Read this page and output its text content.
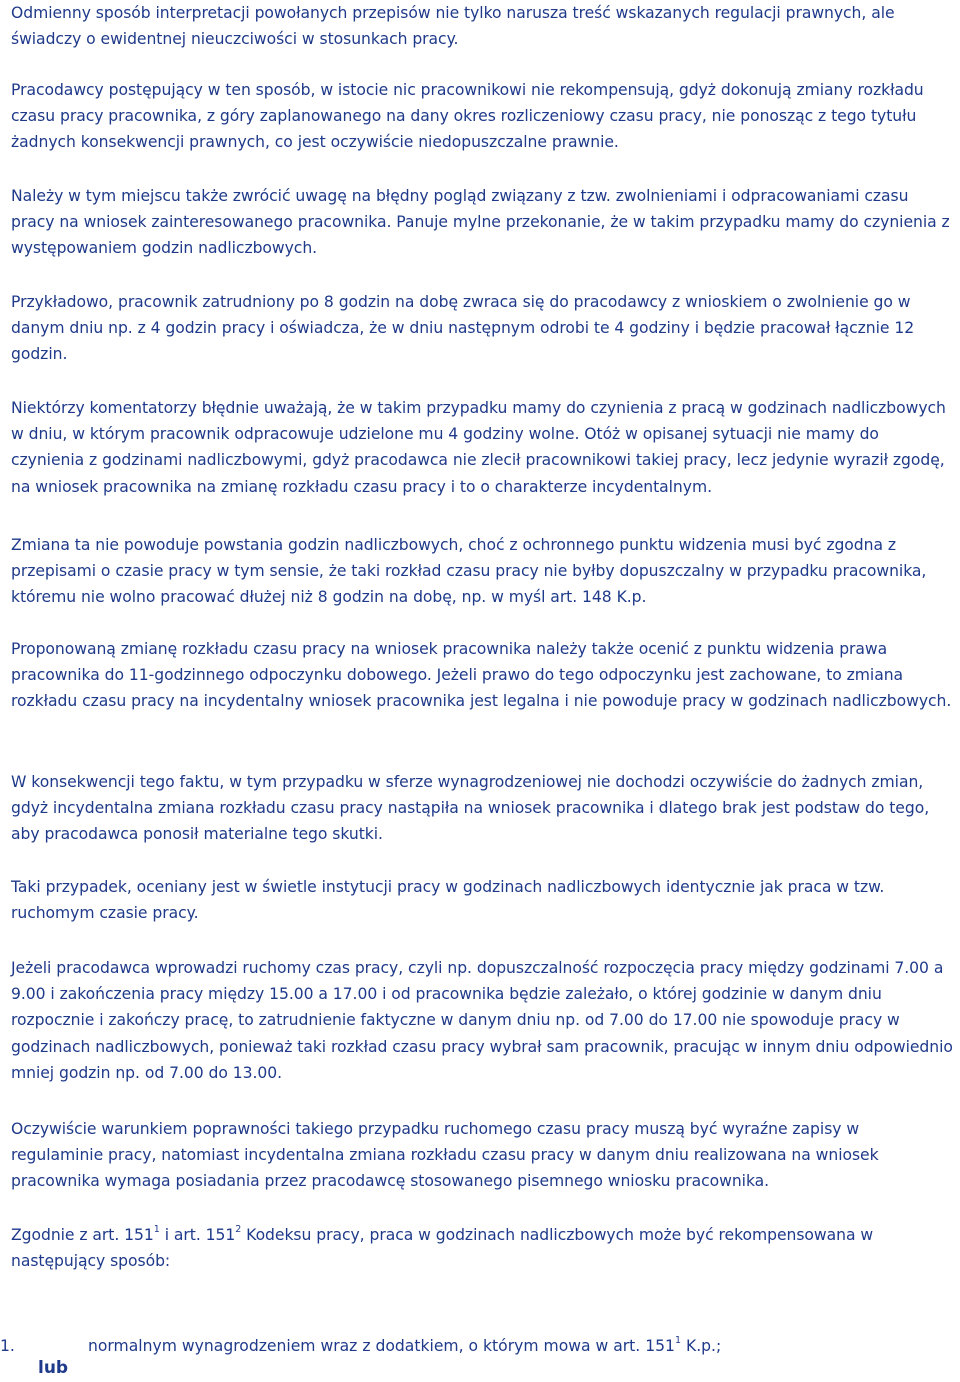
Odmienny sposób interpretacji powołanych przepisów nie tylko narusza treść wskazanych regulacji prawnych, ale świadczy o ewidentnej nieuczciwości w stosunkach pracy.

Pracodawcy postępujący w ten sposób, w istocie nic pracownikowi nie rekompensują, gdyż dokonują zmiany rozkładu czasu pracy pracownika, z góry zaplanowanego na dany okres rozliczeniowy czasu pracy, nie ponosząc z tego tytułu żadnych konsekwencji prawnych, co jest oczywiście niedopuszczalne prawnie.

Należy w tym miejscu także zwrócić uwagę na błędny pogląd związany z tzw. zwolnieniami i odpracowaniami czasu pracy na wniosek zainteresowanego pracownika. Panuje mylne przekonanie, że w takim przypadku mamy do czynienia z występowaniem godzin nadliczbowych.

Przykładowo, pracownik zatrudniony po 8 godzin na dobę zwraca się do pracodawcy z wnioskiem o zwolnienie go w danym dniu np. z 4 godzin pracy i oświadcza, że w dniu następnym odrobi te 4 godziny i będzie pracował łącznie 12 godzin.

Niektórzy komentatorzy błędnie uważają, że w takim przypadku mamy do czynienia z pracą w godzinach nadliczbowych w dniu, w którym pracownik odpracowuje udzielone mu 4 godziny wolne. Otóż w opisanej sytuacji nie mamy do czynienia z godzinami nadliczbowymi, gdyż pracodawca nie zlecił pracownikowi takiej pracy, lecz jedynie wyraził zgodę, na wniosek pracownika na zmianę rozkładu czasu pracy i to o charakterze incydentalnym.

Zmiana ta nie powoduje powstania godzin nadliczbowych, choć z ochronnego punktu widzenia musi być zgodna z przepisami o czasie pracy w tym sensie, że taki rozkład czasu pracy nie byłby dopuszczalny w przypadku pracownika, któremu nie wolno pracować dłużej niż 8 godzin na dobę, np. w myśl art. 148 K.p.

Proponowaną zmianę rozkładu czasu pracy na wniosek pracownika należy także ocenić z punktu widzenia prawa pracownika do 11-godzinnego odpoczynku dobowego. Jeżeli prawo do tego odpoczynku jest zachowane, to zmiana rozkładu czasu pracy na incydentalny wniosek pracownika jest legalna i nie powoduje pracy w godzinach nadliczbowych.

W konsekwencji tego faktu, w tym przypadku w sferze wynagrodzeniowej nie dochodzi oczywiście do żadnych zmian, gdyż incydentalna zmiana rozkładu czasu pracy nastąpiła na wniosek pracownika i dlatego brak jest podstaw do tego, aby pracodawca ponosił materialne tego skutki.

Taki przypadek, oceniany jest w świetle instytucji pracy w godzinach nadliczbowych identycznie jak praca w tzw. ruchomym czasie pracy.

Jeżeli pracodawca wprowadzi ruchomy czas pracy, czyli np. dopuszczalność rozpoczęcia pracy między godzinami 7.00 a 9.00 i zakończenia pracy między 15.00 a 17.00 i od pracownika będzie zależało, o której godzinie w danym dniu rozpocznie i zakończy pracę, to zatrudnienie faktyczne w danym dniu np. od 7.00 do 17.00 nie spowoduje pracy w godzinach nadliczbowych, ponieważ taki rozkład czasu pracy wybrał sam pracownik, pracując w innym dniu odpowiednio mniej godzin np. od 7.00 do 13.00.

Oczywiście warunkiem poprawności takiego przypadku ruchomego czasu pracy muszą być wyraźne zapisy w regulaminie pracy, natomiast incydentalna zmiana rozkładu czasu pracy w danym dniu realizowana na wniosek pracownika wymaga posiadania przez pracodawcę stosowanego pisemnego wniosku pracownika.

Zgodnie z art. $151^1$ i art. $151^2$ Kodeksu pracy, praca w godzinach nadliczbowych może być rekompensowana w następujący sposób:

1.	normalnym wynagrodzeniem wraz z dodatkiem, o którym mowa w art. $151^1$ K.p.;
lub
